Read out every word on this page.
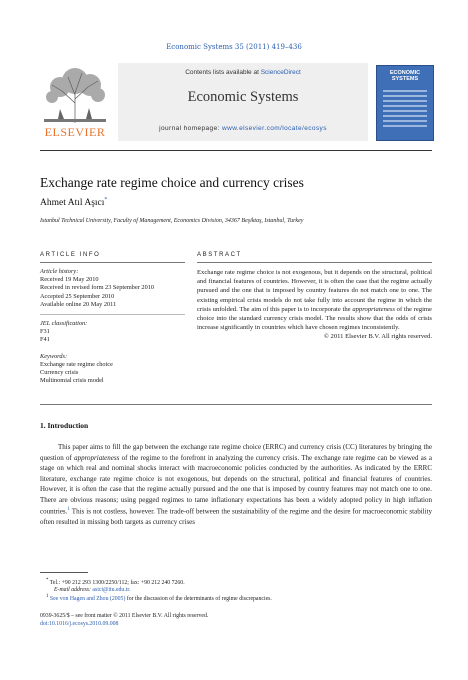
Economic Systems 35 (2011) 419–436
ELSEVIER
Contents lists available at ScienceDirect
Economic Systems
journal homepage: www.elsevier.com/locate/ecosys
ECONOMIC SYSTEMS
Exchange rate regime choice and currency crises
Ahmet Atıl Aşıcı*
Istanbul Technical University, Faculty of Management, Economics Division, 34367 Beşiktaş, Istanbul, Turkey
ARTICLE INFO
Article history:
Received 19 May 2010
Received in revised form 23 September 2010
Accepted 25 September 2010
Available online 20 May 2011
JEL classification:
F31
F41
Keywords:
Exchange rate regime choice
Currency crisis
Multinomial crisis model
ABSTRACT
Exchange rate regime choice is not exogenous, but it depends on the structural, political and financial features of countries. However, it is often the case that the regime actually pursued and the one that is imposed by country features do not match one to one. The existing empirical crisis models do not take fully into account the regime in which the crisis unfolded. The aim of this paper is to incorporate the appropriateness of the regime choice into the standard currency crisis model. The results show that the odds of crisis increase significantly in countries which have chosen regimes inconsistently.
© 2011 Elsevier B.V. All rights reserved.
1. Introduction

This paper aims to fill the gap between the exchange rate regime choice (ERRC) and currency crisis (CC) literatures by bringing the question of appropriateness of the regime to the forefront in analyzing the currency crisis. The exchange rate regime can be viewed as a stage on which real and nominal shocks interact with macroeconomic policies conducted by the authorities. As indicated by the ERRC literature, exchange rate regime choice is not exogenous, but depends on the structural, political and financial features of countries. However, it is often the case that the regime actually pursued and the one that is imposed by country features may not match one to one. There are obvious reasons; using pegged regimes to tame inflationary expectations has been a widely adopted policy in high inflation countries.$^1$ This is not costless, however. The trade-off between the sustainability of the regime and the desire for macroeconomic stability often resulted in missing both targets as currency crises

* Tel.: +90 212 293 1300/2250/112; fax: +90 212 240 7260.
E-mail address: asici@itu.edu.tr.
$^1$ See von Hagen and Zhou (2005) for the discussion of the determinants of regime discrepancies.
0939-3625/$ – see front matter © 2011 Elsevier B.V. All rights reserved.
doi:10.1016/j.ecosys.2010.09.008
